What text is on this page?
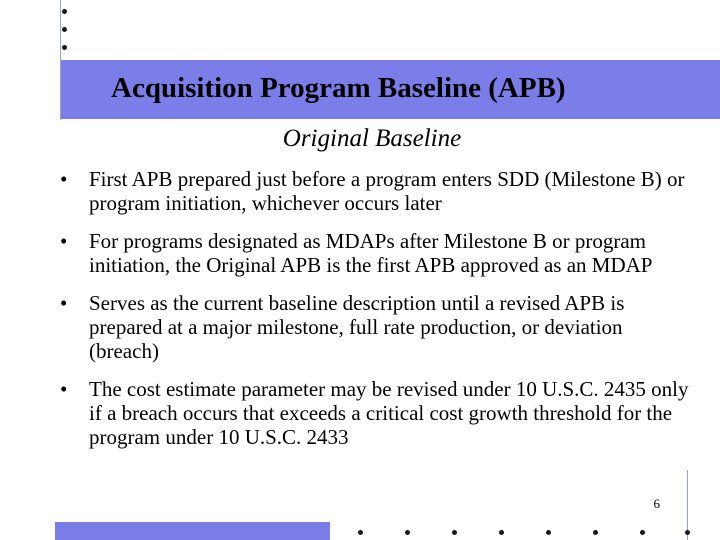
Acquisition Program Baseline (APB)
Original Baseline
• First APB prepared just before a program enters SDD (Milestone B) or program initiation, whichever occurs later
• For programs designated as MDAPs after Milestone B or program initiation, the Original APB is the first APB approved as an MDAP
• Serves as the current baseline description until a revised APB is prepared at a major milestone, full rate production, or deviation (breach)
• The cost estimate parameter may be revised under 10 U.S.C. 2435 only if a breach occurs that exceeds a critical cost growth threshold for the program under 10 U.S.C. 2433
6
